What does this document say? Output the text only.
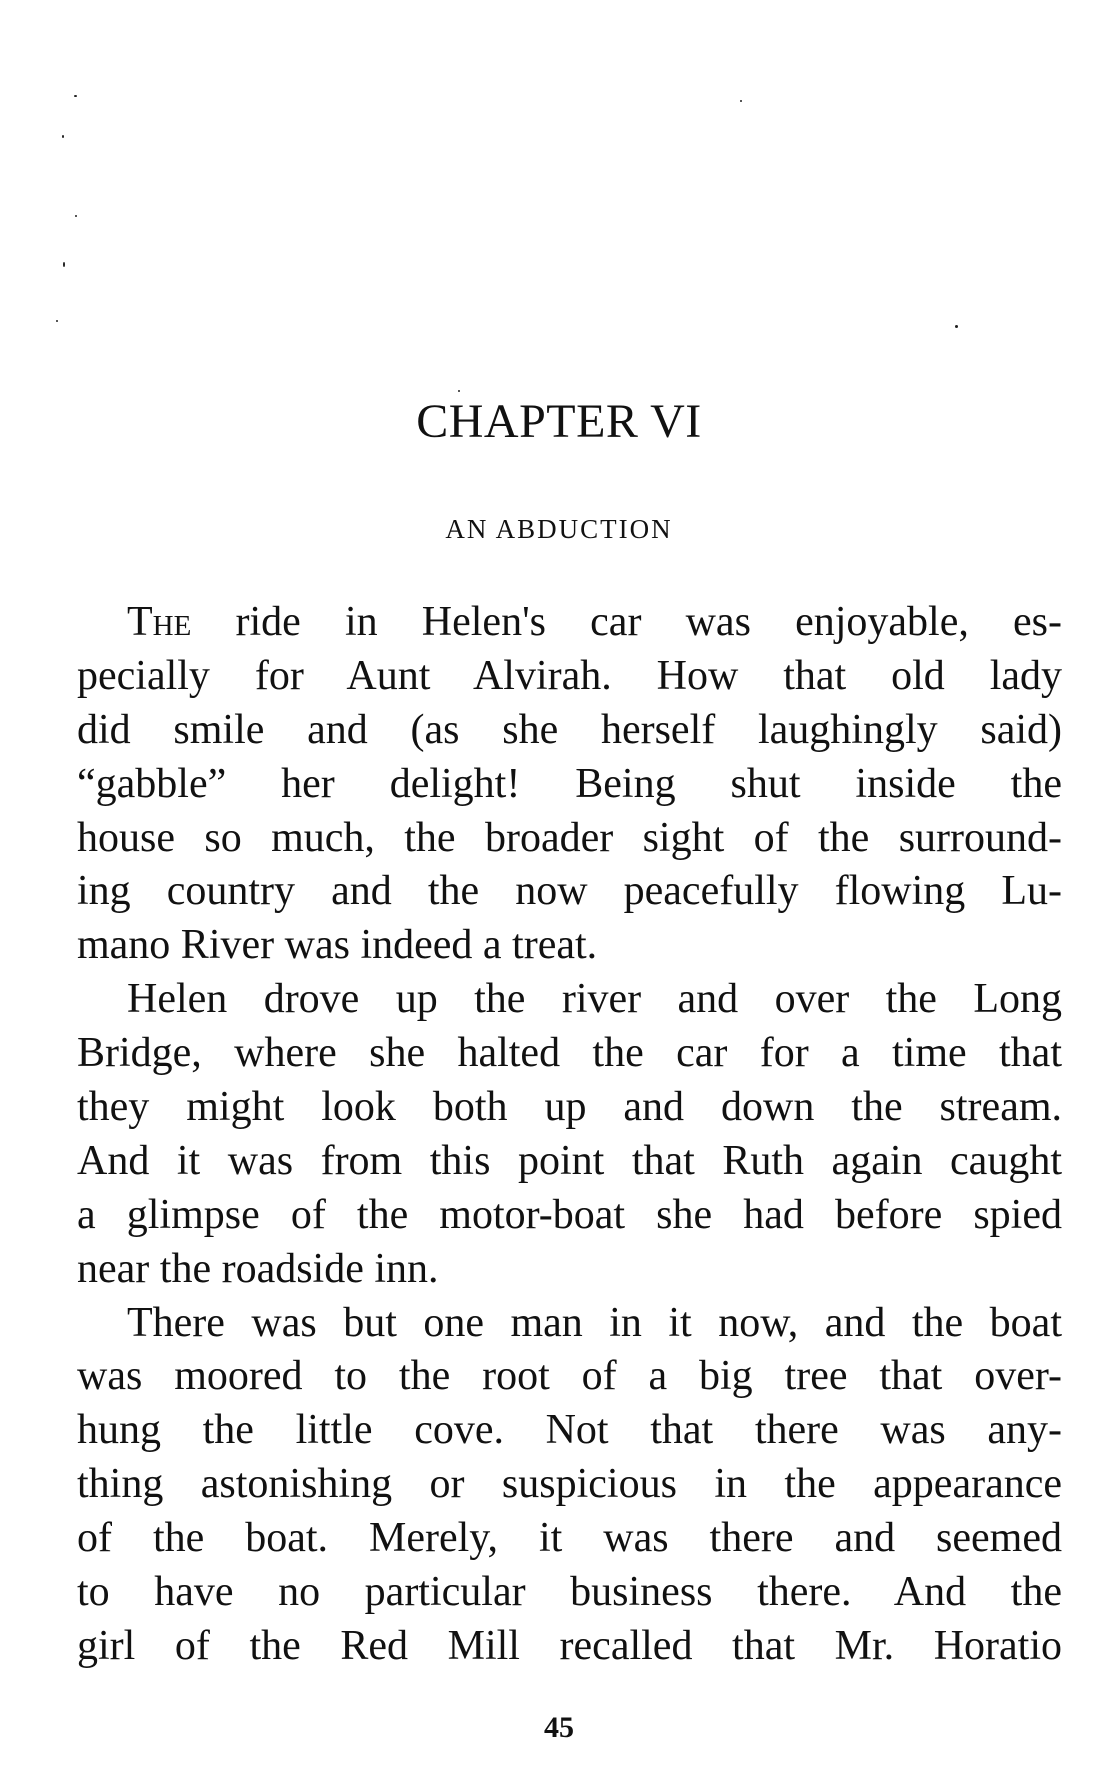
CHAPTER VI
AN ABDUCTION
The ride in Helen's car was enjoyable, es-
pecially for Aunt Alvirah. How that old lady
did smile and (as she herself laughingly said)
“gabble” her delight! Being shut inside the
house so much, the broader sight of the surround-
ing country and the now peacefully flowing Lu-
mano River was indeed a treat.
Helen drove up the river and over the Long
Bridge, where she halted the car for a time that
they might look both up and down the stream.
And it was from this point that Ruth again caught
a glimpse of the motor-boat she had before spied
near the roadside inn.
There was but one man in it now, and the boat
was moored to the root of a big tree that over-
hung the little cove. Not that there was any-
thing astonishing or suspicious in the appearance
of the boat. Merely, it was there and seemed
to have no particular business there. And the
girl of the Red Mill recalled that Mr. Horatio
45
